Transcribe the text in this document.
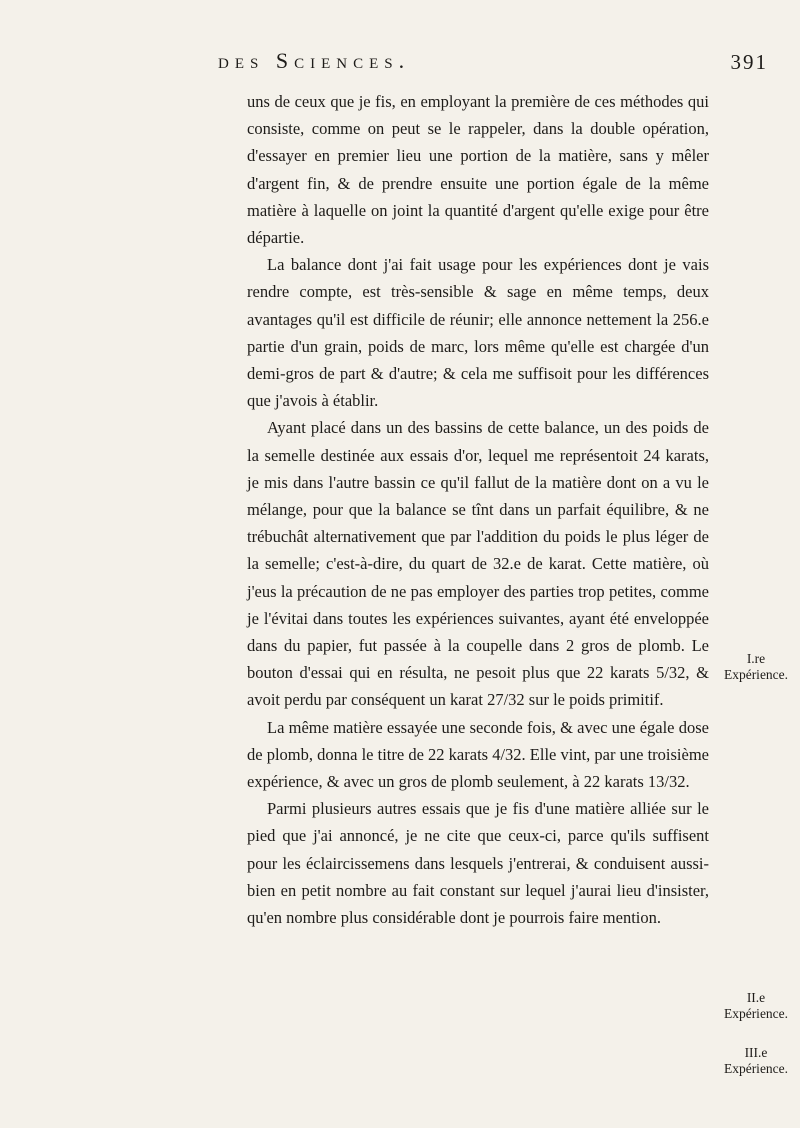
des Sciences.	391

uns de ceux que je fis, en employant la première de ces méthodes qui consiste, comme on peut se le rappeler, dans la double opération, d'essayer en premier lieu une portion de la matière, sans y mêler d'argent fin, & de prendre ensuite une portion égale de la même matière à laquelle on joint la quantité d'argent qu'elle exige pour être départie.

La balance dont j'ai fait usage pour les expériences dont je vais rendre compte, est très-sensible & sage en même temps, deux avantages qu'il est difficile de réunir; elle annonce nettement la 256.e partie d'un grain, poids de marc, lors même qu'elle est chargée d'un demi-gros de part & d'autre; & cela me suffisoit pour les différences que j'avois à établir.

Ayant placé dans un des bassins de cette balance, un des poids de la semelle destinée aux essais d'or, lequel me représentoit 24 karats, je mis dans l'autre bassin ce qu'il fallut de la matière dont on a vu le mélange, pour que la balance se tînt dans un parfait équilibre, & ne trébuchât alternativement que par l'addition du poids le plus léger de la semelle; c'est-à-dire, du quart de 32.e de karat. Cette matière, où j'eus la précaution de ne pas employer des parties trop petites, comme je l'évitai dans toutes les expériences suivantes, ayant été enveloppée dans du papier, fut passée à la coupelle dans 2 gros de plomb. Le bouton d'essai qui en résulta, ne pesoit plus que 22 karats 5/32, & avoit perdu par conséquent un karat 27/32 sur le poids primitif.

La même matière essayée une seconde fois, & avec une égale dose de plomb, donna le titre de 22 karats 4/32. Elle vint, par une troisième expérience, & avec un gros de plomb seulement, à 22 karats 13/32.

Parmi plusieurs autres essais que je fis d'une matière alliée sur le pied que j'ai annoncé, je ne cite que ceux-ci, parce qu'ils suffisent pour les éclaircissemens dans lesquels j'entrerai, & conduisent aussi-bien en petit nombre au fait constant sur lequel j'aurai lieu d'insister, qu'en nombre plus considérable dont je pourrois faire mention.

I.re Expérience.
II.e Expérience.
III.e Expérience.
